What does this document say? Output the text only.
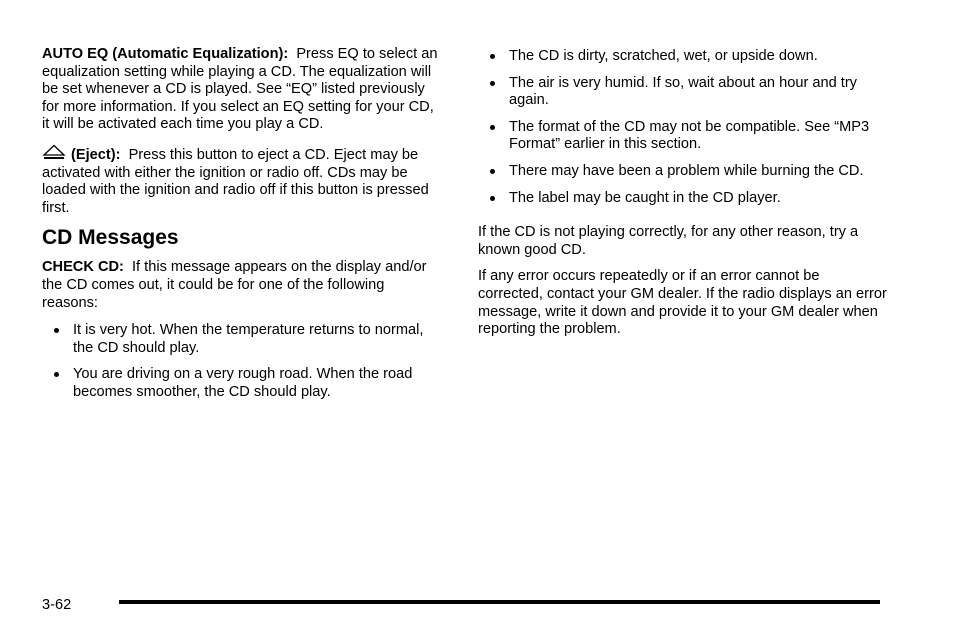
AUTO EQ (Automatic Equalization): Press EQ to select an equalization setting while playing a CD. The equalization will be set whenever a CD is played. See “EQ” listed previously for more information. If you select an EQ setting for your CD, it will be activated each time you play a CD.

(Eject): Press this button to eject a CD. Eject may be activated with either the ignition or radio off. CDs may be loaded with the ignition and radio off if this button is pressed first.

CD Messages

CHECK CD: If this message appears on the display and/or the CD comes out, it could be for one of the following reasons:

It is very hot. When the temperature returns to normal, the CD should play.
You are driving on a very rough road. When the road becomes smoother, the CD should play.
The CD is dirty, scratched, wet, or upside down.
The air is very humid. If so, wait about an hour and try again.
The format of the CD may not be compatible. See “MP3 Format” earlier in this section.
There may have been a problem while burning the CD.
The label may be caught in the CD player.

If the CD is not playing correctly, for any other reason, try a known good CD.

If any error occurs repeatedly or if an error cannot be corrected, contact your GM dealer. If the radio displays an error message, write it down and provide it to your GM dealer when reporting the problem.

3-62
